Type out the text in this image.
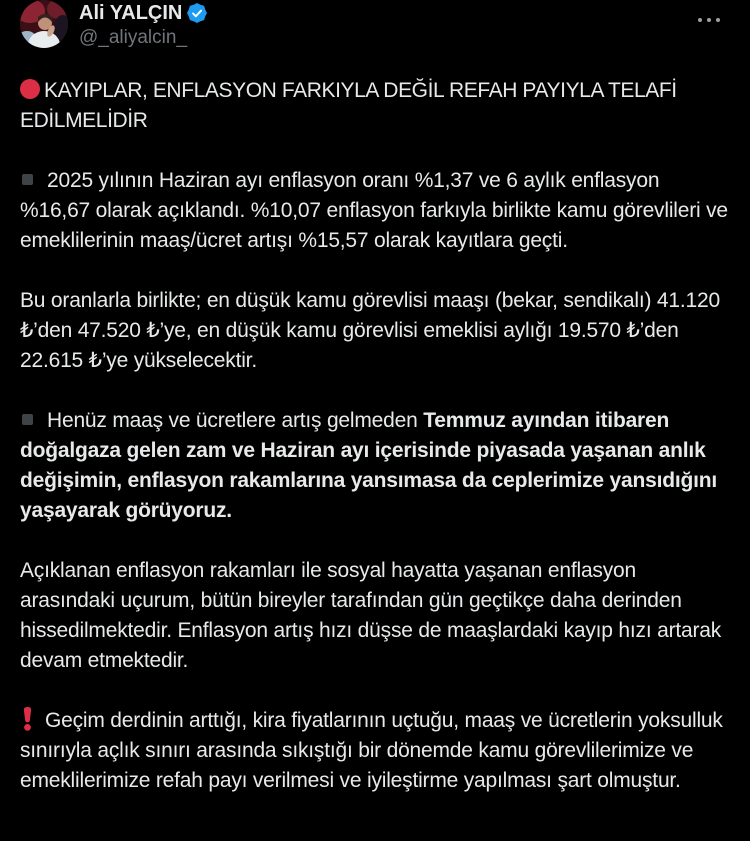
Ali YALÇIN
@_aliyalcin_
KAYIPLAR, ENFLASYON FARKIYLA DEĞİL REFAH PAYIYLA TELAFİ EDİLMELİDİR
2025 yılının Haziran ayı enflasyon oranı %1,37 ve 6 aylık enflasyon %16,67 olarak açıklandı. %10,07 enflasyon farkıyla birlikte kamu görevlileri ve emeklilerinin maaş/ücret artışı %15,57 olarak kayıtlara geçti.
Bu oranlarla birlikte; en düşük kamu görevlisi maaşı (bekar, sendikalı) 41.120 ₺’den 47.520 ₺’ye, en düşük kamu görevlisi emeklisi aylığı 19.570 ₺’den 22.615 ₺’ye yükselecektir.
Henüz maaş ve ücretlere artış gelmeden Temmuz ayından itibaren doğalgaza gelen zam ve Haziran ayı içerisinde piyasada yaşanan anlık değişimin, enflasyon rakamlarına yansımasa da ceplerimize yansıdığını yaşayarak görüyoruz.
Açıklanan enflasyon rakamları ile sosyal hayatta yaşanan enflasyon arasındaki uçurum, bütün bireyler tarafından gün geçtikçe daha derinden hissedilmektedir. Enflasyon artış hızı düşse de maaşlardaki kayıp hızı artarak devam etmektedir.
Geçim derdinin arttığı, kira fiyatlarının uçtuğu, maaş ve ücretlerin yoksulluk sınırıyla açlık sınırı arasında sıkıştığı bir dönemde kamu görevlilerimize ve emeklilerimize refah payı verilmesi ve iyileştirme yapılması şart olmuştur.
